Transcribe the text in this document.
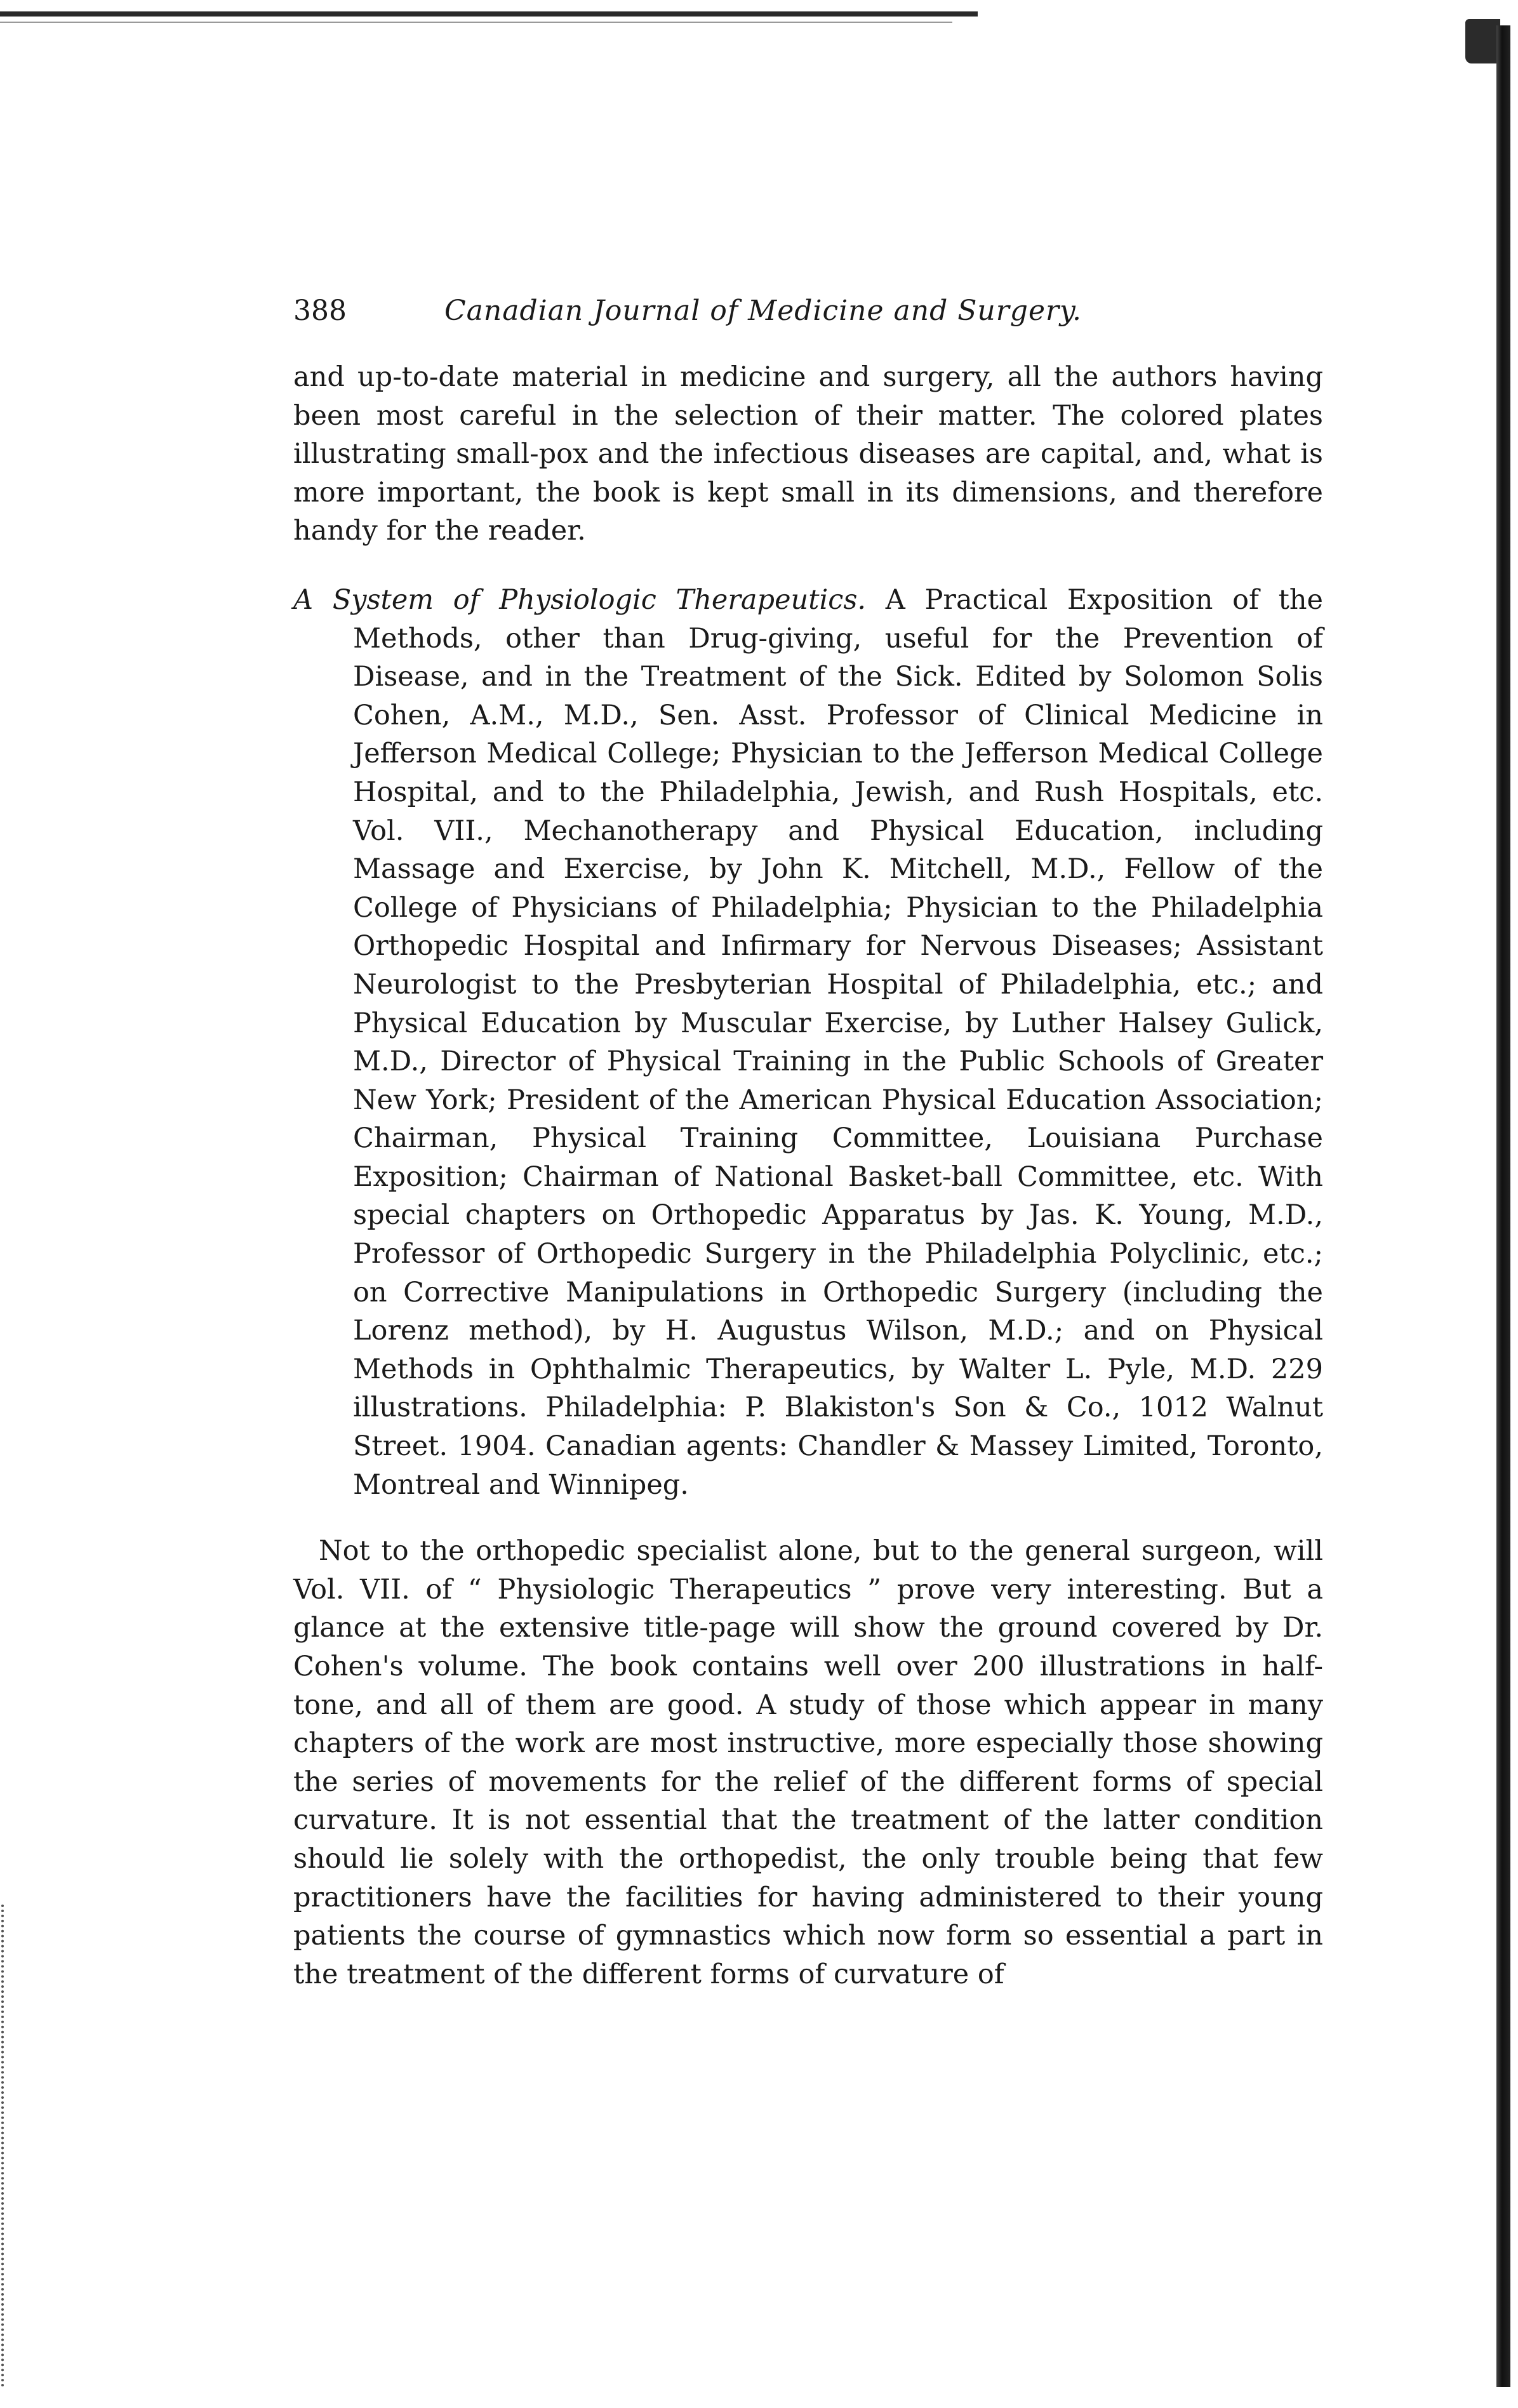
388	Canadian Journal of Medicine and Surgery.

and up-to-date material in medicine and surgery, all the authors having been most careful in the selection of their matter. The colored plates illustrating small-pox and the infectious diseases are capital, and, what is more important, the book is kept small in its dimensions, and therefore handy for the reader.

A System of Physiologic Therapeutics. A Practical Exposition of the Methods, other than Drug-giving, useful for the Prevention of Disease, and in the Treatment of the Sick. Edited by Solomon Solis Cohen, A.M., M.D., Sen. Asst. Professor of Clinical Medicine in Jefferson Medical College; Physician to the Jefferson Medical College Hospital, and to the Philadelphia, Jewish, and Rush Hospitals, etc. Vol. VII., Mechanotherapy and Physical Education, including Massage and Exercise, by John K. Mitchell, M.D., Fellow of the College of Physicians of Philadelphia; Physician to the Philadelphia Orthopedic Hospital and Infirmary for Nervous Diseases; Assistant Neurologist to the Presbyterian Hospital of Philadelphia, etc.; and Physical Education by Muscular Exercise, by Luther Halsey Gulick, M.D., Director of Physical Training in the Public Schools of Greater New York; President of the American Physical Education Association; Chairman, Physical Training Committee, Louisiana Purchase Exposition; Chairman of National Basket-ball Committee, etc. With special chapters on Orthopedic Apparatus by Jas. K. Young, M.D., Professor of Orthopedic Surgery in the Philadelphia Polyclinic, etc.; on Corrective Manipulations in Orthopedic Surgery (including the Lorenz method), by H. Augustus Wilson, M.D.; and on Physical Methods in Ophthalmic Therapeutics, by Walter L. Pyle, M.D. 229 illustrations. Philadelphia: P. Blakiston's Son & Co., 1012 Walnut Street. 1904. Canadian agents: Chandler & Massey Limited, Toronto, Montreal and Winnipeg.

Not to the orthopedic specialist alone, but to the general surgeon, will Vol. VII. of “ Physiologic Therapeutics ” prove very interesting. But a glance at the extensive title-page will show the ground covered by Dr. Cohen's volume. The book contains well over 200 illustrations in half-tone, and all of them are good. A study of those which appear in many chapters of the work are most instructive, more especially those showing the series of movements for the relief of the different forms of special curvature. It is not essential that the treatment of the latter condition should lie solely with the orthopedist, the only trouble being that few practitioners have the facilities for having administered to their young patients the course of gymnastics which now form so essential a part in the treatment of the different forms of curvature of
